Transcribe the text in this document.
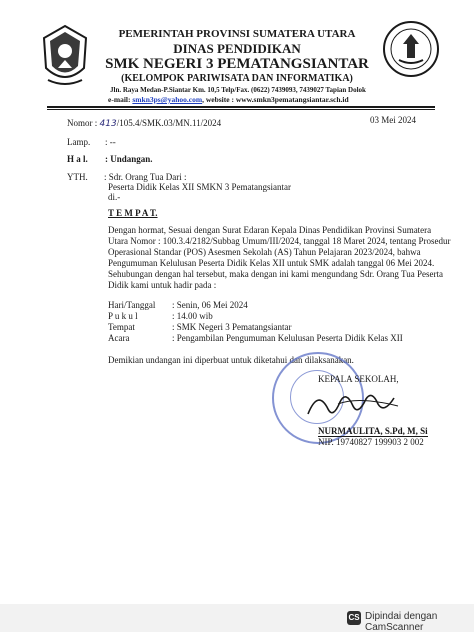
PEMERINTAH PROVINSI SUMATERA UTARA
DINAS PENDIDIKAN
SMK NEGERI 3 PEMATANGSIANTAR
(KELOMPOK PARIWISATA DAN INFORMATIKA)
Jln. Raya Medan-P.Siantar Km. 10,5 Telp/Fax. (0622) 7439093, 7439027 Tapian Dolok
e-mail: smkn3ps@yahoo.com, website : www.smkn3pematangsiantar.sch.id
Nomor : 413/105.4/SMK.03/MN.11/2024	03 Mei 2024
Lamp. : --
H a l. : Undangan.
YTH. : Sdr. Orang Tua Dari :
Peserta Didik Kelas XII SMKN 3 Pematangsiantar
di.-
T E M P A T.
Dengan hormat, Sesuai dengan Surat Edaran Kepala Dinas Pendidikan Provinsi Sumatera
Utara Nomor : 100.3.4/2182/Subbag Umum/III/2024, tanggal 18 Maret 2024, tentang Prosedur
Operasional Standar (POS) Asesmen Sekolah (AS) Tahun Pelajaran 2023/2024, bahwa
Pengumuman Kelulusan Peserta Didik Kelas XII untuk SMK adalah tanggal 06 Mei 2024.
Sehubungan dengan hal tersebut, maka dengan ini kami mengundang Sdr. Orang Tua Peserta
Didik kami untuk hadir pada :
Hari/Tanggal : Senin, 06 Mei 2024
P u k u l	: 14.00 wib
Tempat	: SMK Negeri 3 Pematangsiantar
Acara	: Pengambilan Pengumuman Kelulusan Peserta Didik Kelas XII
Demikian undangan ini diperbuat untuk diketahui dan dilaksanakan.
KEPALA SEKOLAH,
NURMAULITA, S.Pd, M, Si
NIP. 19740827 199903 2 002
CS Dipindai dengan CamScanner
